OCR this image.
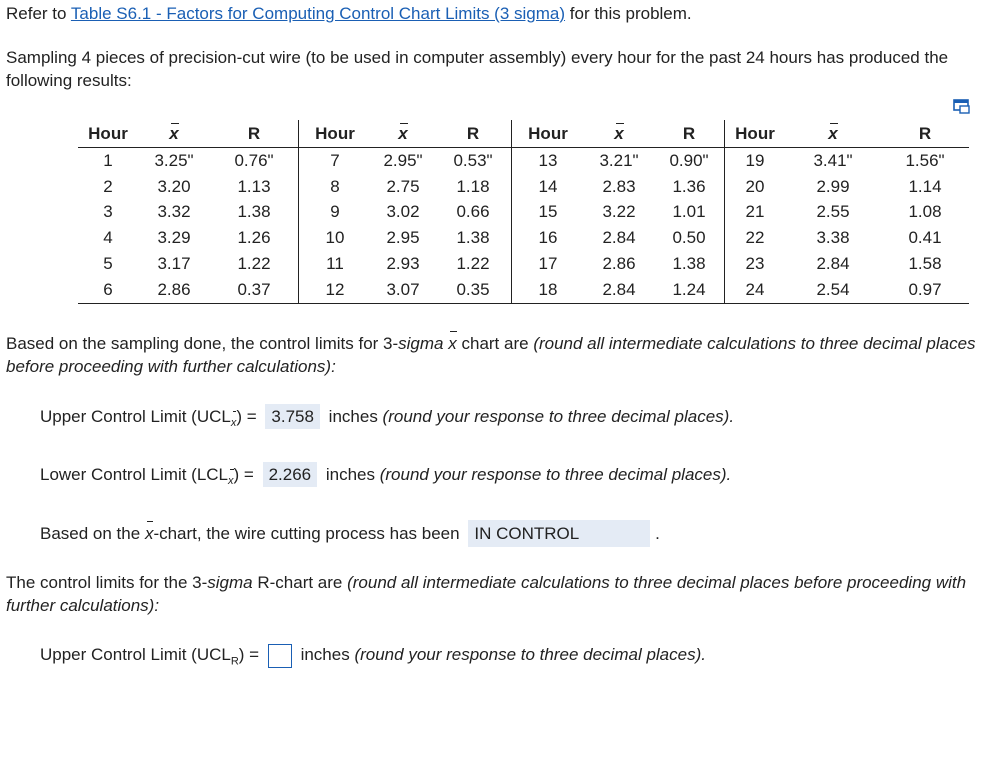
Refer to Table S6.1 - Factors for Computing Control Chart Limits (3 sigma) for this problem.
Sampling 4 pieces of precision-cut wire (to be used in computer assembly) every hour for the past 24 hours has produced the following results:
Hour	x	R	Hour	x	R	Hour	x	R	Hour	x	R
1	3.25"	0.76"	7	2.95"	0.53"	13	3.21"	0.90"	19	3.41"	1.56"
2	3.20	1.13	8	2.75	1.18	14	2.83	1.36	20	2.99	1.14
3	3.32	1.38	9	3.02	0.66	15	3.22	1.01	21	2.55	1.08
4	3.29	1.26	10	2.95	1.38	16	2.84	0.50	22	3.38	0.41
5	3.17	1.22	11	2.93	1.22	17	2.86	1.38	23	2.84	1.58
6	2.86	0.37	12	3.07	0.35	18	2.84	1.24	24	2.54	0.97
Based on the sampling done, the control limits for 3-sigma x chart are (round all intermediate calculations to three decimal places before proceeding with further calculations):
Upper Control Limit $(UCL_x) = 3.758$ inches (round your response to three decimal places).
Lower Control Limit $(LCL_x) = 2.266$ inches (round your response to three decimal places).
Based on the x-chart, the wire cutting process has been IN CONTROL	.
The control limits for the 3-sigma R-chart are (round all intermediate calculations to three decimal places before proceeding with further calculations):
Upper Control Limit $(UCL_R)$ = inches (round your response to three decimal places).
